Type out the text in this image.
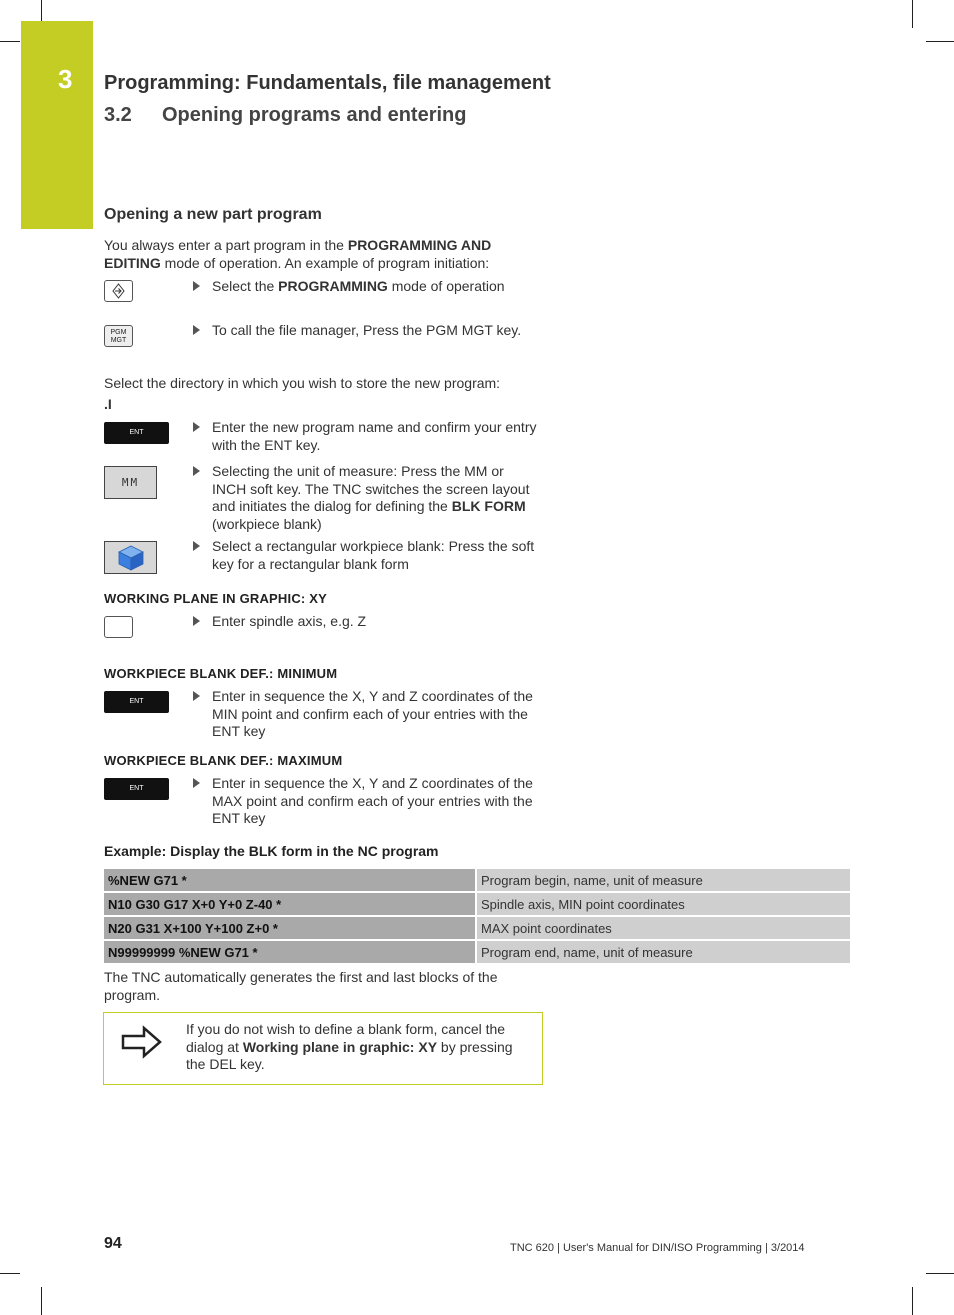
3 Programming: Fundamentals, file management
3.2 Opening programs and entering
Opening a new part program
You always enter a part program in the PROGRAMMING AND EDITING mode of operation. An example of program initiation:
Select the PROGRAMMING mode of operation
PGM
MGT
To call the file manager, Press the PGM MGT key.
Select the directory in which you wish to store the new program:
.I
ENT	Enter the new program name and confirm your entry with the ENT key.
MM
Selecting the unit of measure: Press the MM or INCH soft key. The TNC switches the screen layout and initiates the dialog for defining the BLK FORM (workpiece blank)
Select a rectangular workpiece blank: Press the soft key for a rectangular blank form
WORKING PLANE IN GRAPHIC: XY
Enter spindle axis, e.g. Z
WORKPIECE BLANK DEF.: MINIMUM
ENT	Enter in sequence the X, Y and Z coordinates of the MIN point and confirm each of your entries with the ENT key
WORKPIECE BLANK DEF.: MAXIMUM
ENT	Enter in sequence the X, Y and Z coordinates of the MAX point and confirm each of your entries with the ENT key
Example: Display the BLK form in the NC program
%NEW G71 *	Program begin, name, unit of measure
N10 G30 G17 X+0 Y+0 Z-40 *	Spindle axis, MIN point coordinates
N20 G31 X+100 Y+100 Z+0 *	MAX point coordinates
N99999999 %NEW G71 *	Program end, name, unit of measure
The TNC automatically generates the first and last blocks of the program.
If you do not wish to define a blank form, cancel the dialog at Working plane in graphic: XY by pressing the DEL key.
94	TNC 620 | User's Manual for DIN/ISO Programming | 3/2014
